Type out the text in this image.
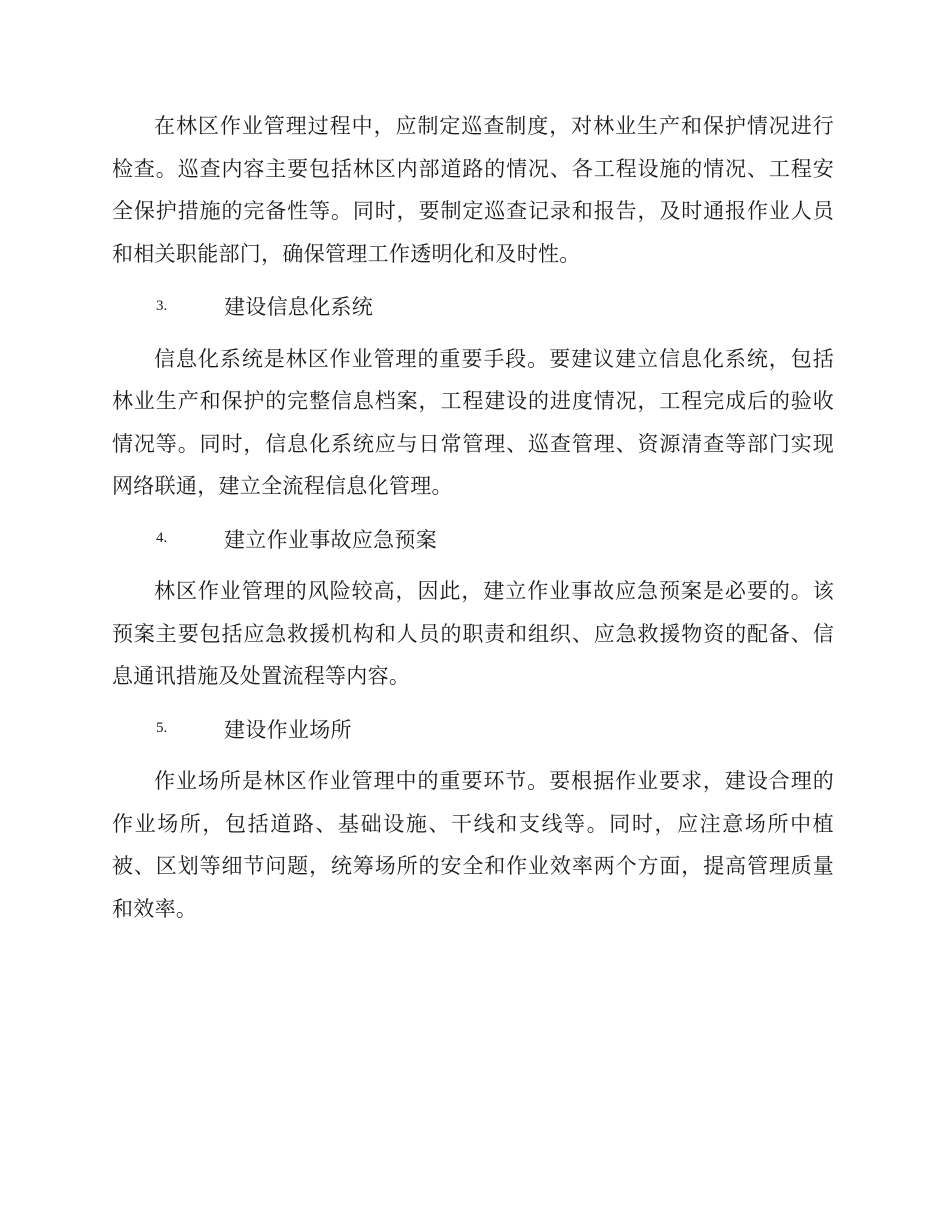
在林区作业管理过程中，应制定巡查制度，对林业生产和保护情况进行检查。巡查内容主要包括林区内部道路的情况、各工程设施的情况、工程安全保护措施的完备性等。同时，要制定巡查记录和报告，及时通报作业人员和相关职能部门，确保管理工作透明化和及时性。

3.	建设信息化系统

信息化系统是林区作业管理的重要手段。要建议建立信息化系统，包括林业生产和保护的完整信息档案，工程建设的进度情况，工程完成后的验收情况等。同时，信息化系统应与日常管理、巡查管理、资源清查等部门实现网络联通，建立全流程信息化管理。

4.	建立作业事故应急预案

林区作业管理的风险较高，因此，建立作业事故应急预案是必要的。该预案主要包括应急救援机构和人员的职责和组织、应急救援物资的配备、信息通讯措施及处置流程等内容。

5.	建设作业场所

作业场所是林区作业管理中的重要环节。要根据作业要求，建设合理的作业场所，包括道路、基础设施、干线和支线等。同时，应注意场所中植被、区划等细节问题，统筹场所的安全和作业效率两个方面，提高管理质量和效率。
